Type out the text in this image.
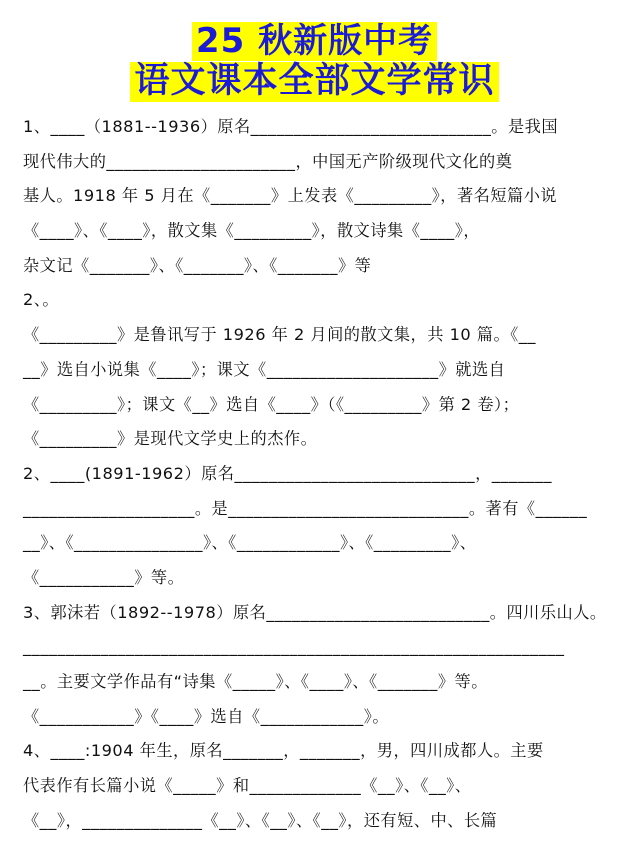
25 秋新版中考
语文课本全部文学常识
1、____（1881--1936）原名____________________________。是我国
现代伟大的______________________，中国无产阶级现代文化的奠
基人。1918 年 5 月在《_______》上发表《_________》，著名短篇小说
《____》、《____》，散文集《_________》，散文诗集《____》，
杂文记《_______》、《_______》、《_______》等
2、。
《_________》是鲁讯写于 1926 年 2 月间的散文集，共 10 篇。《__
__》选自小说集《____》；课文《____________________》就选自
《_________》；课文《__》选自《____》（《_________》第 2 卷）；
《_________》是现代文学史上的杰作。
2、____(1891-1962）原名____________________________，_______
____________________。是____________________________。著有《______
__》、《_______________》、《____________》、《_________》、
《___________》等。
3、郭沫若（1892--1978）原名__________________________。四川乐山人。
_______________________________________________________________
__。主要文学作品有“诗集《_____》、《____》、《_______》等。
《___________》《____》选自《____________》。
4、____:1904 年生，原名_______，_______，男，四川成都人。主要
代表作有长篇小说《_____》和_____________《__》、《__》、
《__》，______________《__》、《__》、《__》，还有短、中、长篇
